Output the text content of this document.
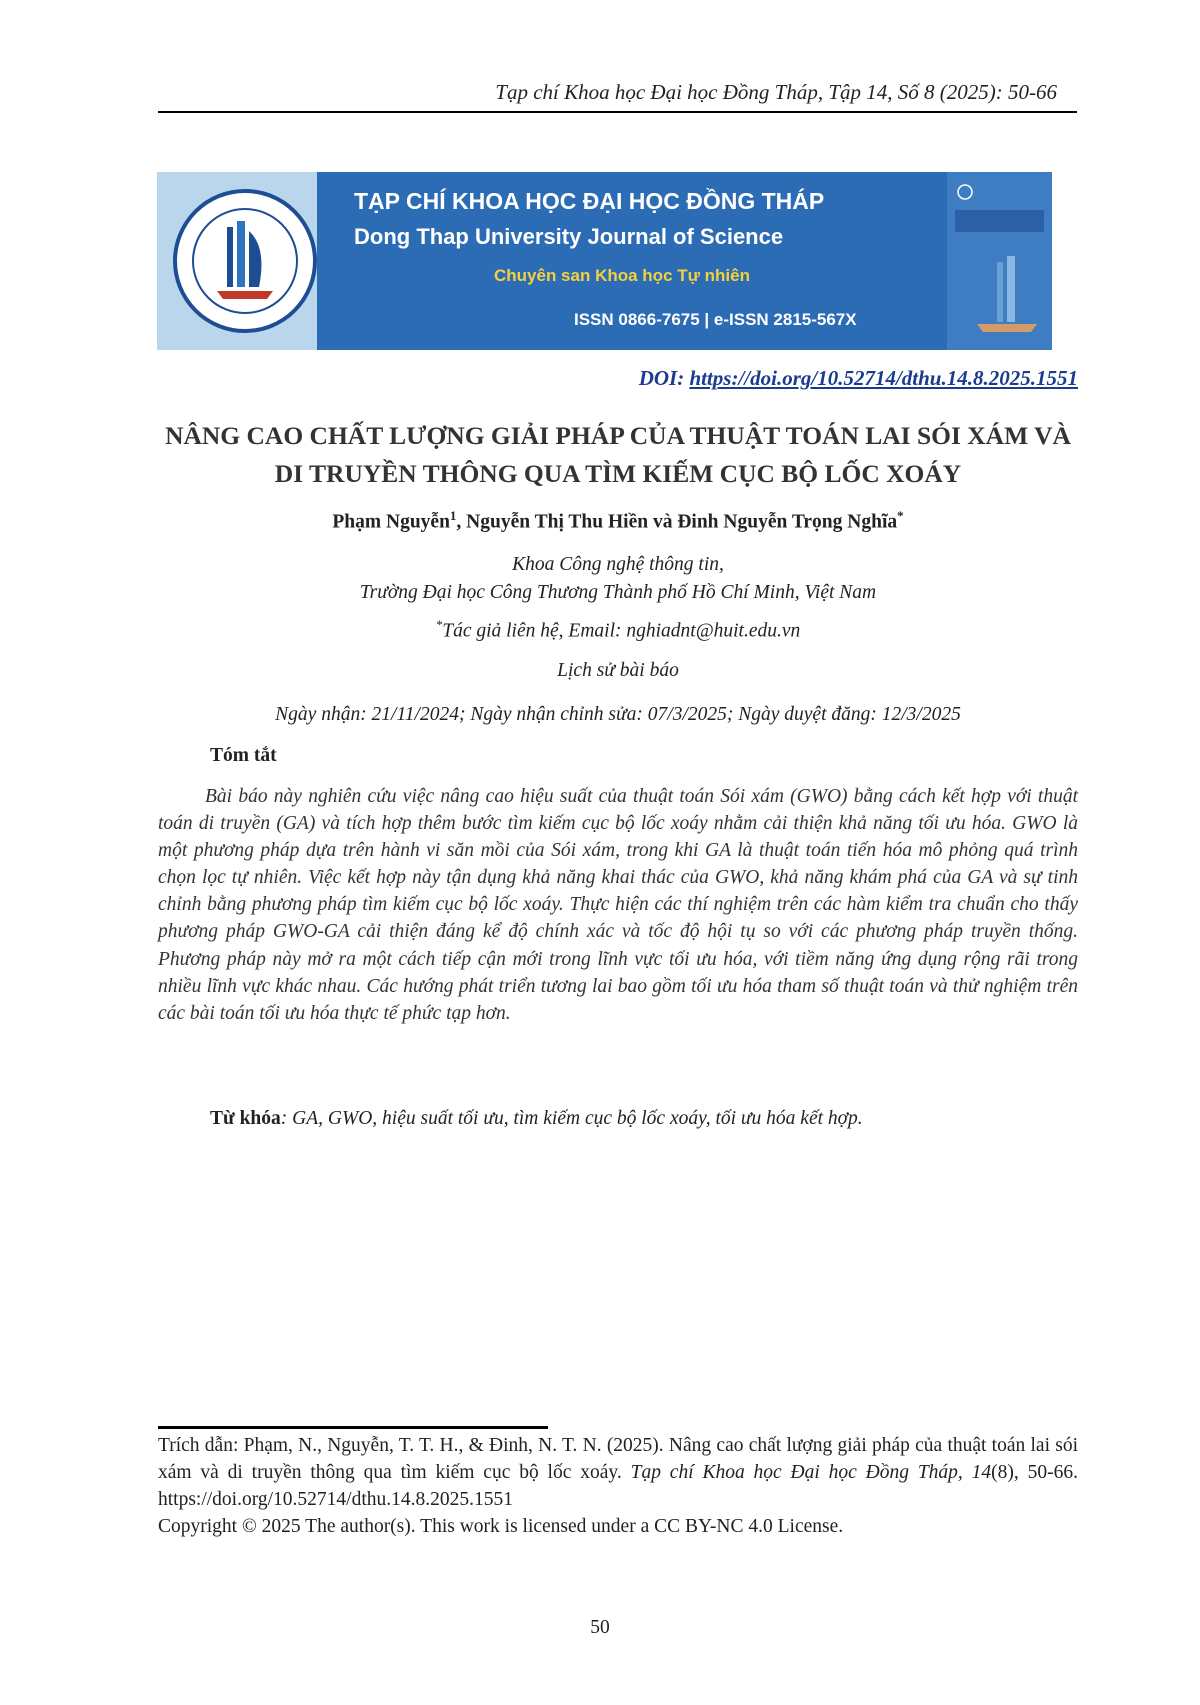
Tạp chí Khoa học Đại học Đồng Tháp, Tập 14, Số 8 (2025): 50-66
TẠP CHÍ KHOA HỌC ĐẠI HỌC ĐỒNG THÁP
Dong Thap University Journal of Science
Chuyên san Khoa học Tự nhiên
ISSN 0866-7675 | e-ISSN 2815-567X
DOI: https://doi.org/10.52714/dthu.14.8.2025.1551
NÂNG CAO CHẤT LƯỢNG GIẢI PHÁP CỦA THUẬT TOÁN LAI SÓI XÁM VÀ DI TRUYỀN THÔNG QUA TÌM KIẾM CỤC BỘ LỐC XOÁY
Phạm Nguyễn$^1$, Nguyễn Thị Thu Hiền và Đinh Nguyễn Trọng Nghĩa*
Khoa Công nghệ thông tin,
Trường Đại học Công Thương Thành phố Hồ Chí Minh, Việt Nam
*Tác giả liên hệ, Email: nghiadnt@huit.edu.vn
Lịch sử bài báo
Ngày nhận: 21/11/2024; Ngày nhận chỉnh sửa: 07/3/2025; Ngày duyệt đăng: 12/3/2025
Tóm tắt
Bài báo này nghiên cứu việc nâng cao hiệu suất của thuật toán Sói xám (GWO) bằng cách kết hợp với thuật toán di truyền (GA) và tích hợp thêm bước tìm kiếm cục bộ lốc xoáy nhằm cải thiện khả năng tối ưu hóa. GWO là một phương pháp dựa trên hành vi săn mồi của Sói xám, trong khi GA là thuật toán tiến hóa mô phỏng quá trình chọn lọc tự nhiên. Việc kết hợp này tận dụng khả năng khai thác của GWO, khả năng khám phá của GA và sự tinh chỉnh bằng phương pháp tìm kiếm cục bộ lốc xoáy. Thực hiện các thí nghiệm trên các hàm kiểm tra chuẩn cho thấy phương pháp GWO-GA cải thiện đáng kể độ chính xác và tốc độ hội tụ so với các phương pháp truyền thống. Phương pháp này mở ra một cách tiếp cận mới trong lĩnh vực tối ưu hóa, với tiềm năng ứng dụng rộng rãi trong nhiều lĩnh vực khác nhau. Các hướng phát triển tương lai bao gồm tối ưu hóa tham số thuật toán và thử nghiệm trên các bài toán tối ưu hóa thực tế phức tạp hơn.
Từ khóa: GA, GWO, hiệu suất tối ưu, tìm kiếm cục bộ lốc xoáy, tối ưu hóa kết hợp.
Trích dẫn: Phạm, N., Nguyễn, T. T. H., & Đinh, N. T. N. (2025). Nâng cao chất lượng giải pháp của thuật toán lai sói xám và di truyền thông qua tìm kiếm cục bộ lốc xoáy. Tạp chí Khoa học Đại học Đồng Tháp, 14(8), 50-66. https://doi.org/10.52714/dthu.14.8.2025.1551
Copyright © 2025 The author(s). This work is licensed under a CC BY-NC 4.0 License.
50
